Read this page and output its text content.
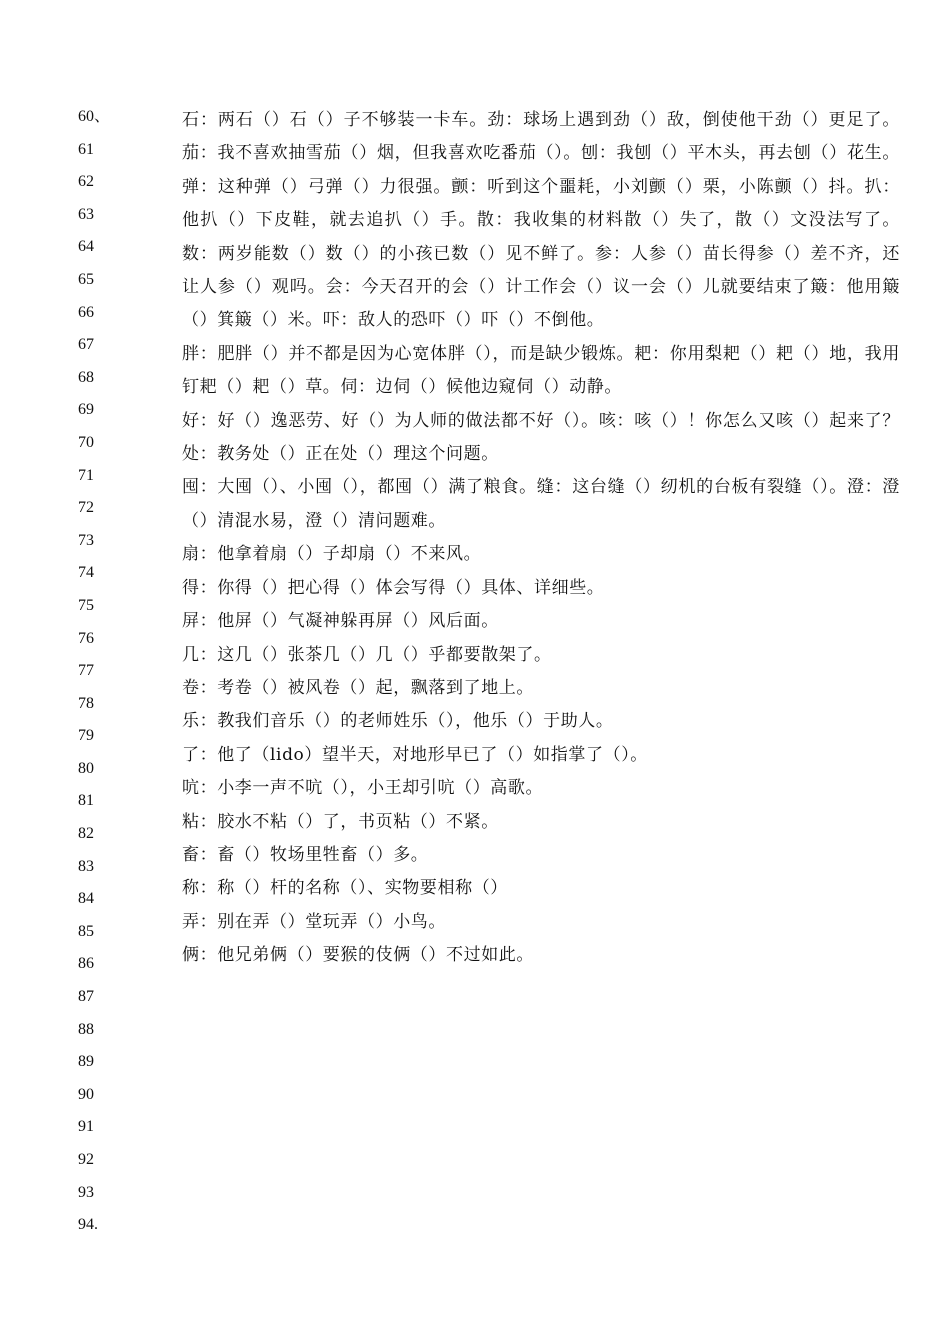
60、
61
62
63
64
65
66
67
68
69
70
71
72
73
74
75
76
77
78
79
80
81
82
83
84
85
86
87
88
89
90
91
92
93
94.

石：两石（）石（）子不够装一卡车。劲：球场上遇到劲（）敌，倒使他干劲（）更足了。茄：我不喜欢抽雪茄（）烟，但我喜欢吃番茄（）。刨：我刨（）平木头，再去刨（）花生。弹：这种弹（）弓弹（）力很强。颤：听到这个噩耗，小刘颤（）栗，小陈颤（）抖。扒：他扒（）下皮鞋，就去追扒（）手。散：我收集的材料散（）失了，散（）文没法写了。数：两岁能数（）数（）的小孩已数（）见不鲜了。参：人参（）苗长得参（）差不齐，还让人参（）观吗。会：今天召开的会（）计工作会（）议一会（）儿就要结束了簸：他用簸（）箕簸（）米。吓：敌人的恐吓（）吓（）不倒他。

胖：肥胖（）并不都是因为心宽体胖（），而是缺少锻炼。耙：你用梨耙（）耙（）地，我用钉耙（）耙（）草。伺：边伺（）候他边窥伺（）动静。

好：好（）逸恶劳、好（）为人师的做法都不好（）。咳：咳（）！你怎么又咳（）起来了？处：教务处（）正在处（）理这个问题。

囤：大囤（）、小囤（），都囤（）满了粮食。缝：这台缝（）纫机的台板有裂缝（）。澄：澄（）清混水易，澄（）清问题难。

扇：他拿着扇（）子却扇（）不来风。

得：你得（）把心得（）体会写得（）具体、详细些。

屏：他屏（）气凝神躲再屏（）风后面。

几：这几（）张茶几（）几（）乎都要散架了。

卷：考卷（）被风卷（）起，飘落到了地上。

乐：教我们音乐（）的老师姓乐（），他乐（）于助人。

了：他了（lido）望半天，对地形早已了（）如指掌了（）。

吭：小李一声不吭（），小王却引吭（）高歌。

粘：胶水不粘（）了，书页粘（）不紧。

畜：畜（）牧场里牲畜（）多。

称：称（）杆的名称（）、实物要相称（）

弄：别在弄（）堂玩弄（）小鸟。

俩：他兄弟俩（）要猴的伎俩（）不过如此。
